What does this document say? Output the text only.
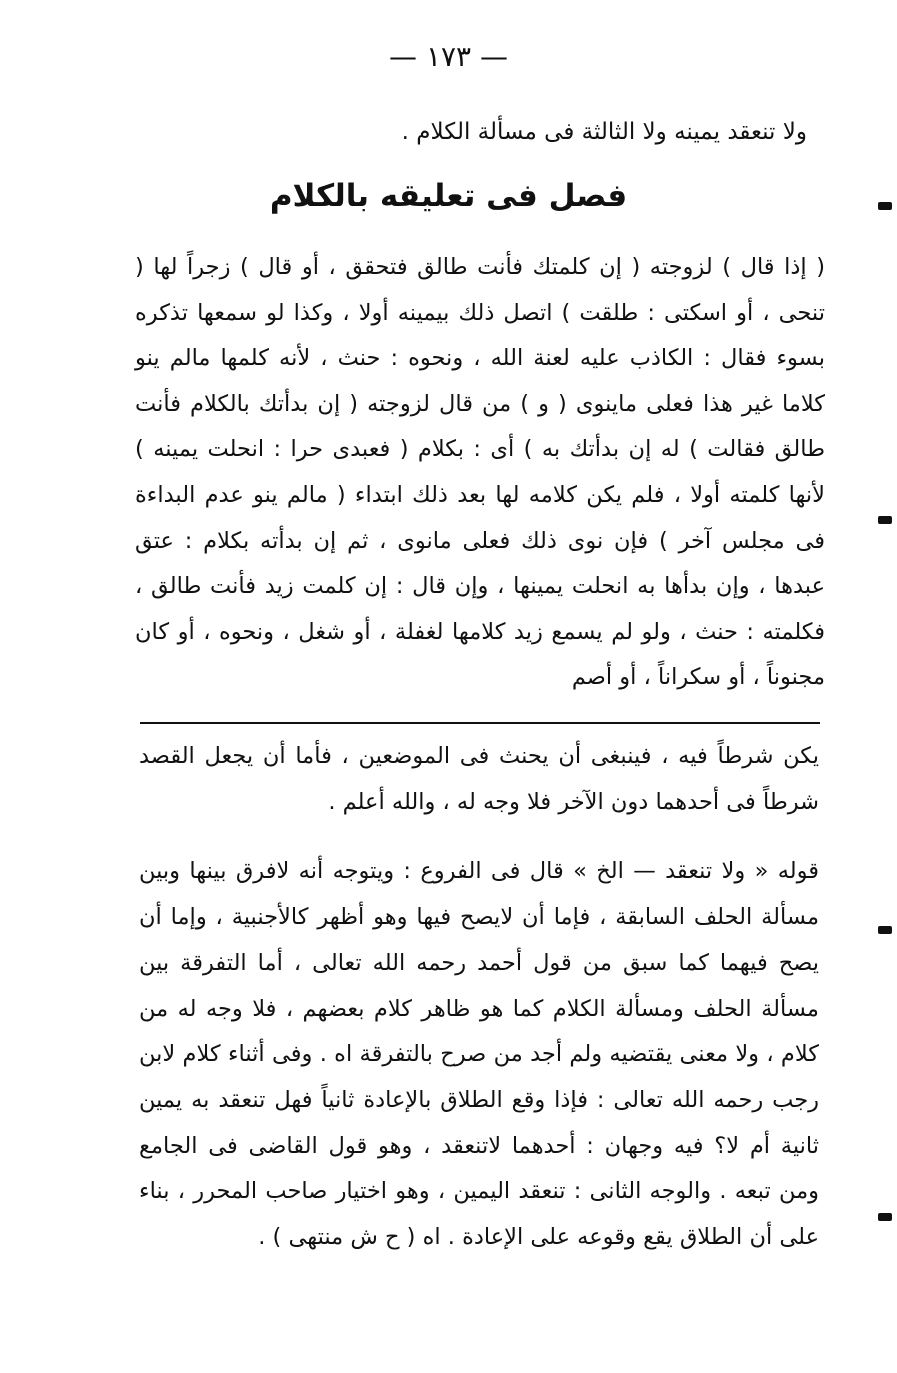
— ١٧٣ —
ولا تنعقد يمينه ولا الثالثة فى مسألة الكلام .
فصل فى تعليقه بالكلام

( إذا قال ) لزوجته ( إن كلمتك فأنت طالق فتحقق ، أو قال ) زجراً لها ( تنحى ، أو اسكتى : طلقت ) اتصل ذلك بيمينه أولا ، وكذا لو سمعها تذكره بسوء فقال : الكاذب عليه لعنة الله ، ونحوه : حنث ، لأنه كلمها مالم ينو كلاما غير هذا فعلى ماينوى ( و ) من قال لزوجته ( إن بدأتك بالكلام فأنت طالق فقالت ) له إن بدأتك به ) أى : بكلام ( فعبدى حرا : انحلت يمينه ) لأنها كلمته أولا ، فلم يكن كلامه لها بعد ذلك ابتداء ( مالم ينو عدم البداءة فى مجلس آخر ) فإن نوى ذلك فعلى مانوى ، ثم إن بدأته بكلام : عتق عبدها ، وإن بدأها به انحلت يمينها ، وإن قال : إن كلمت زيد فأنت طالق ، فكلمته : حنث ، ولو لم يسمع زيد كلامها لغفلة ، أو شغل ، ونحوه ، أو كان مجنوناً ، أو سكراناً ، أو أصم

يكن شرطاً فيه ، فينبغى أن يحنث فى الموضعين ، فأما أن يجعل القصد شرطاً فى أحدهما دون الآخر فلا وجه له ، والله أعلم .

قوله « ولا تنعقد — الخ » قال فى الفروع : ويتوجه أنه لافرق بينها وبين مسألة الحلف السابقة ، فإما أن لايصح فيها وهو أظهر كالأجنبية ، وإما أن يصح فيهما كما سبق من قول أحمد رحمه الله تعالى ، أما التفرقة بين مسألة الحلف ومسألة الكلام كما هو ظاهر كلام بعضهم ، فلا وجه له من كلام ، ولا معنى يقتضيه ولم أجد من صرح بالتفرقة اه . وفى أثناء كلام لابن رجب رحمه الله تعالى : فإذا وقع الطلاق بالإعادة ثانياً فهل تنعقد به يمين ثانية أم لا؟ فيه وجهان : أحدهما لاتنعقد ، وهو قول القاضى فى الجامع ومن تبعه . والوجه الثانى : تنعقد اليمين ، وهو اختيار صاحب المحرر ، بناء على أن الطلاق يقع وقوعه على الإعادة . اه ( ح ش منتهى ) .
